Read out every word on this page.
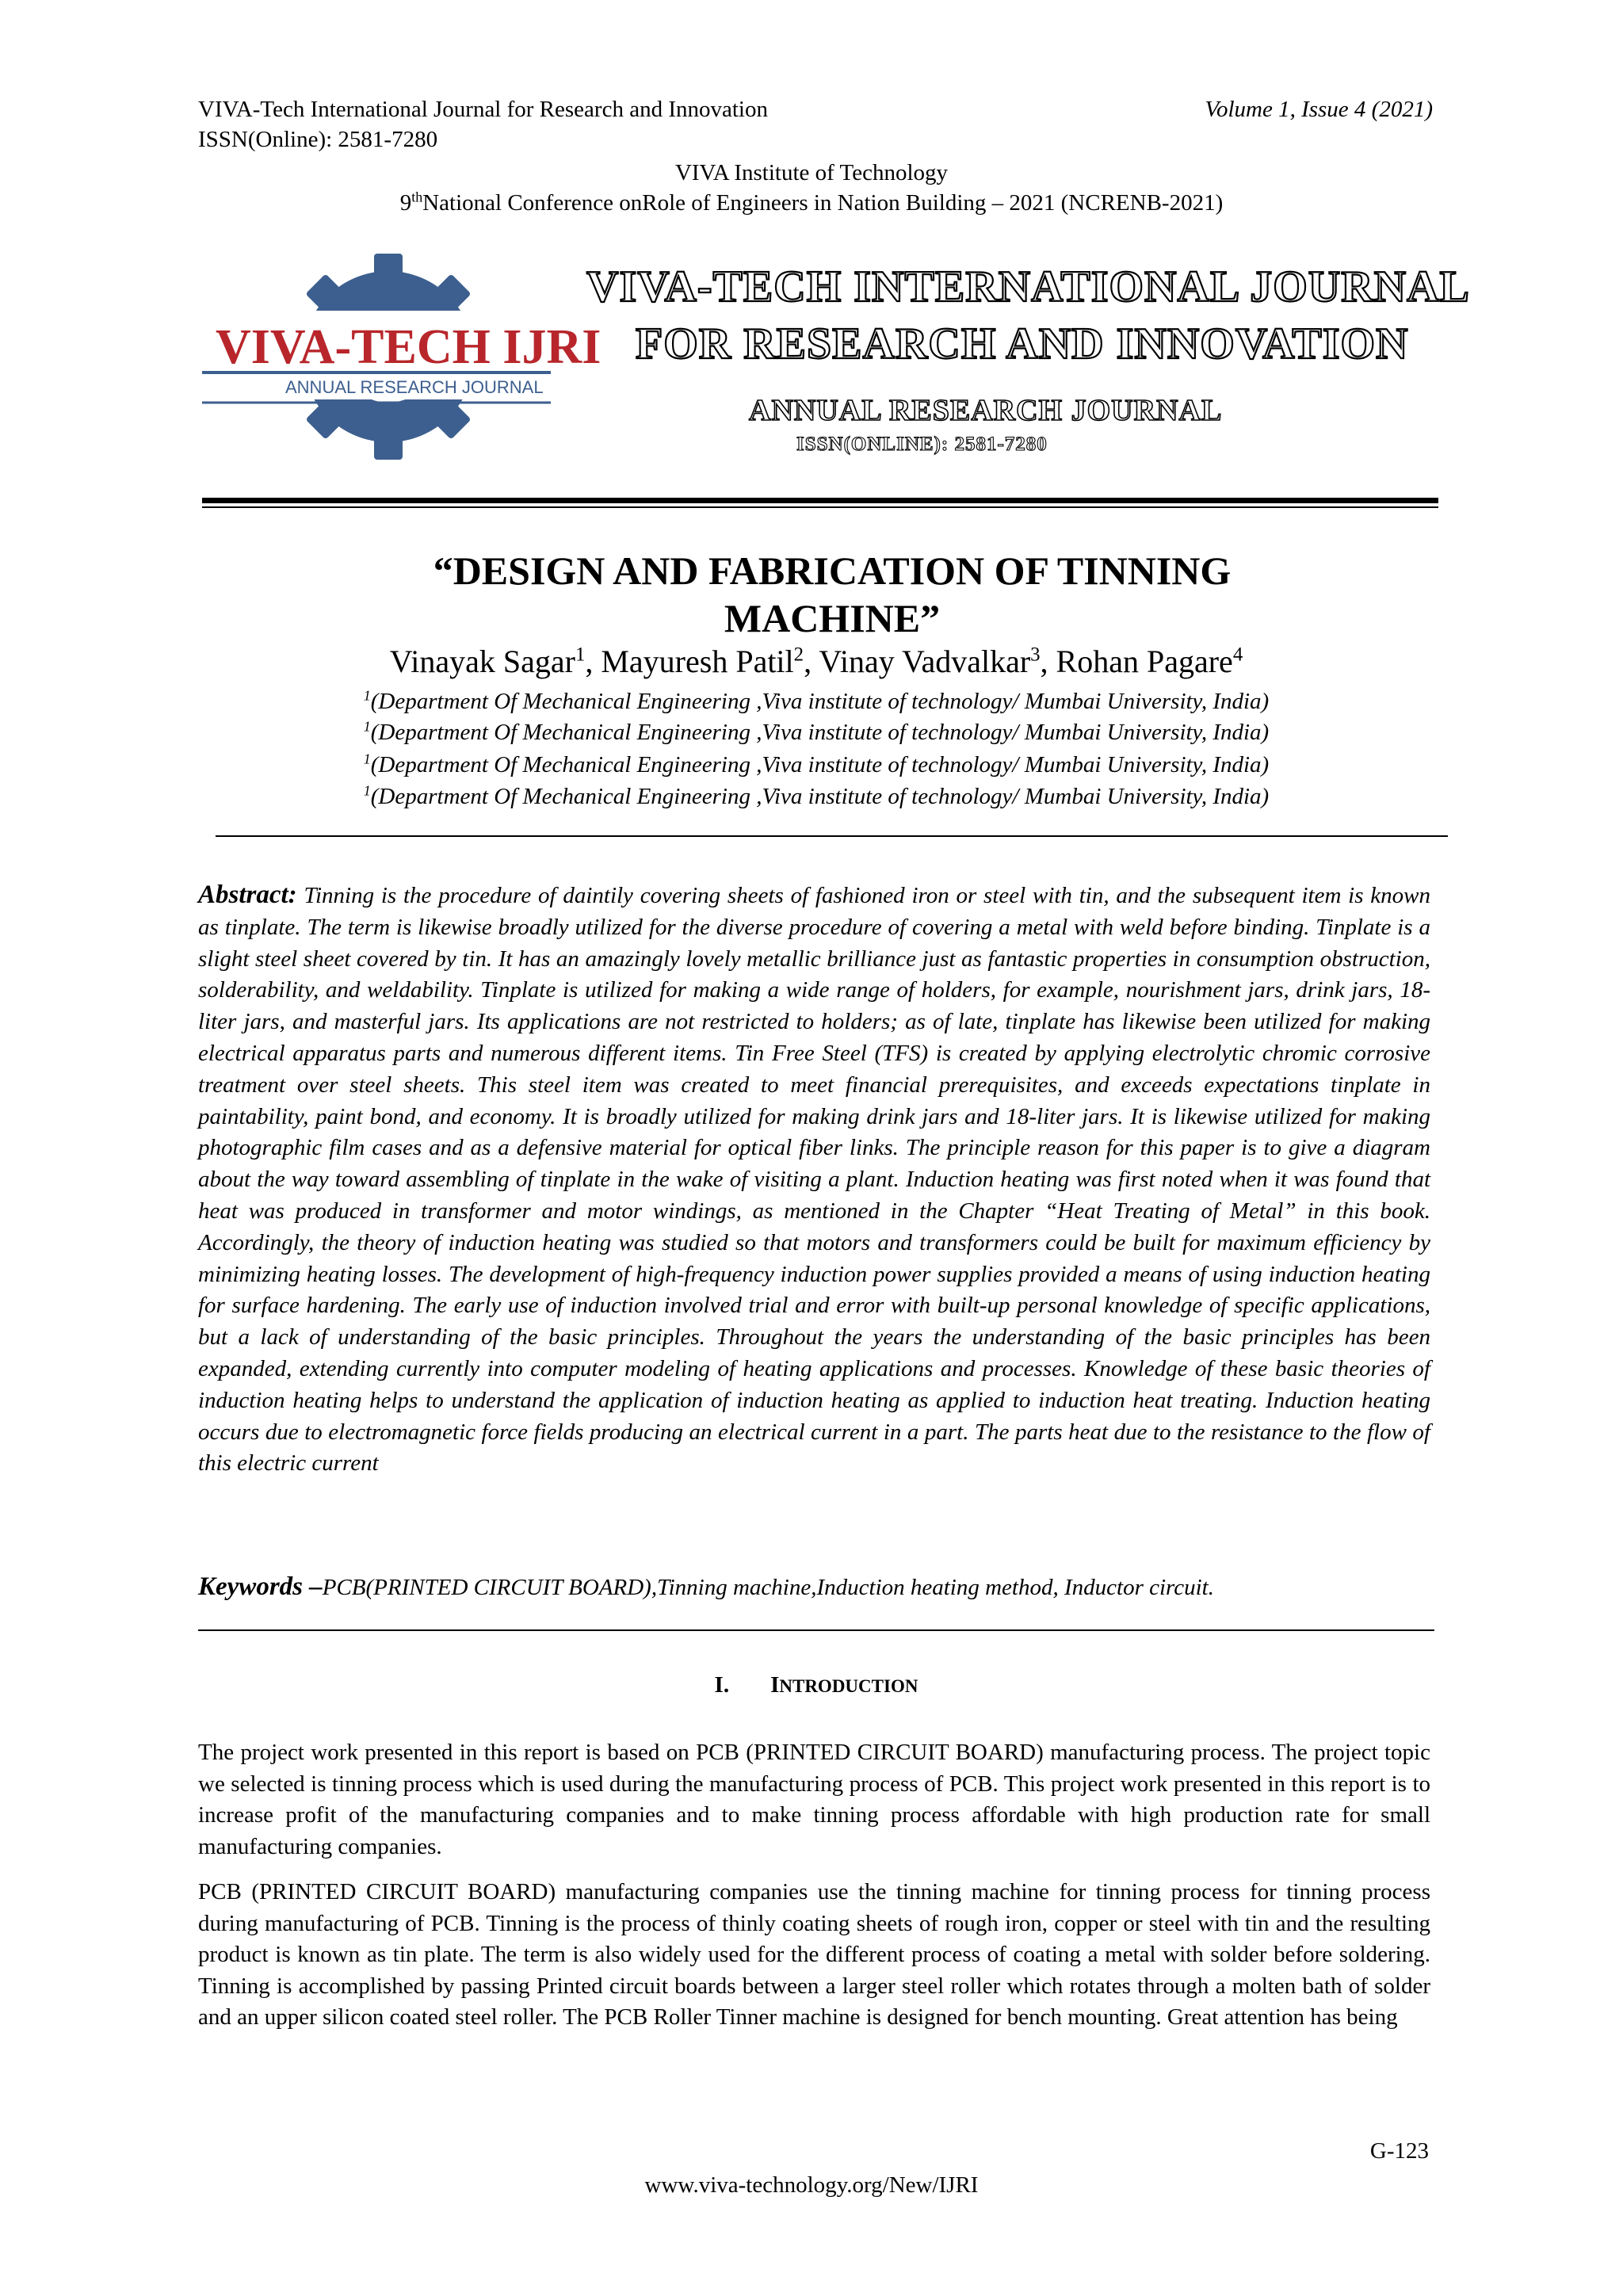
VIVA-Tech International Journal for Research and Innovation	Volume 1, Issue 4 (2021)
ISSN(Online): 2581-7280
VIVA Institute of Technology
9thNational Conference onRole of Engineers in Nation Building – 2021 (NCRENB-2021)
VIVA-TECH IJRI
ANNUAL RESEARCH JOURNAL
VIVA-TECH INTERNATIONAL JOURNAL
FOR RESEARCH AND INNOVATION
ANNUAL RESEARCH JOURNAL
ISSN(ONLINE): 2581-7280
“DESIGN AND FABRICATION OF TINNING
MACHINE”
Vinayak Sagar$^1$, Mayuresh Patil$^2$, Vinay Vadvalkar$^3$, Rohan Pagare$^4$
$^1$(Department Of Mechanical Engineering ,Viva institute of technology/ Mumbai University, India)
$^1$(Department Of Mechanical Engineering ,Viva institute of technology/ Mumbai University, India)
$^1$(Department Of Mechanical Engineering ,Viva institute of technology/ Mumbai University, India)
$^1$(Department Of Mechanical Engineering ,Viva institute of technology/ Mumbai University, India)
Abstract: Tinning is the procedure of daintily covering sheets of fashioned iron or steel with tin, and the subsequent item is known as tinplate. The term is likewise broadly utilized for the diverse procedure of covering a metal with weld before binding. Tinplate is a slight steel sheet covered by tin. It has an amazingly lovely metallic brilliance just as fantastic properties in consumption obstruction, solderability, and weldability. Tinplate is utilized for making a wide range of holders, for example, nourishment jars, drink jars, 18-liter jars, and masterful jars. Its applications are not restricted to holders; as of late, tinplate has likewise been utilized for making electrical apparatus parts and numerous different items. Tin Free Steel (TFS) is created by applying electrolytic chromic corrosive treatment over steel sheets. This steel item was created to meet financial prerequisites, and exceeds expectations tinplate in paintability, paint bond, and economy. It is broadly utilized for making drink jars and 18-liter jars. It is likewise utilized for making photographic film cases and as a defensive material for optical fiber links. The principle reason for this paper is to give a diagram about the way toward assembling of tinplate in the wake of visiting a plant. Induction heating was first noted when it was found that heat was produced in transformer and motor windings, as mentioned in the Chapter “Heat Treating of Metal” in this book. Accordingly, the theory of induction heating was studied so that motors and transformers could be built for maximum efficiency by minimizing heating losses. The development of high-frequency induction power supplies provided a means of using induction heating for surface hardening. The early use of induction involved trial and error with built-up personal knowledge of specific applications, but a lack of understanding of the basic principles. Throughout the years the understanding of the basic principles has been expanded, extending currently into computer modeling of heating applications and processes. Knowledge of these basic theories of induction heating helps to understand the application of induction heating as applied to induction heat treating. Induction heating occurs due to electromagnetic force fields producing an electrical current in a part. The parts heat due to the resistance to the flow of this electric current
Keywords –PCB(PRINTED CIRCUIT BOARD),Tinning machine,Induction heating method, Inductor circuit.
I. INTRODUCTION
The project work presented in this report is based on PCB (PRINTED CIRCUIT BOARD) manufacturing process. The project topic we selected is tinning process which is used during the manufacturing process of PCB. This project work presented in this report is to increase profit of the manufacturing companies and to make tinning process affordable with high production rate for small manufacturing companies.
PCB (PRINTED CIRCUIT BOARD) manufacturing companies use the tinning machine for tinning process for tinning process during manufacturing of PCB. Tinning is the process of thinly coating sheets of rough iron, copper or steel with tin and the resulting product is known as tin plate. The term is also widely used for the different process of coating a metal with solder before soldering. Tinning is accomplished by passing Printed circuit boards between a larger steel roller which rotates through a molten bath of solder and an upper silicon coated steel roller. The PCB Roller Tinner machine is designed for bench mounting. Great attention has being
G-123
www.viva-technology.org/New/IJRI
